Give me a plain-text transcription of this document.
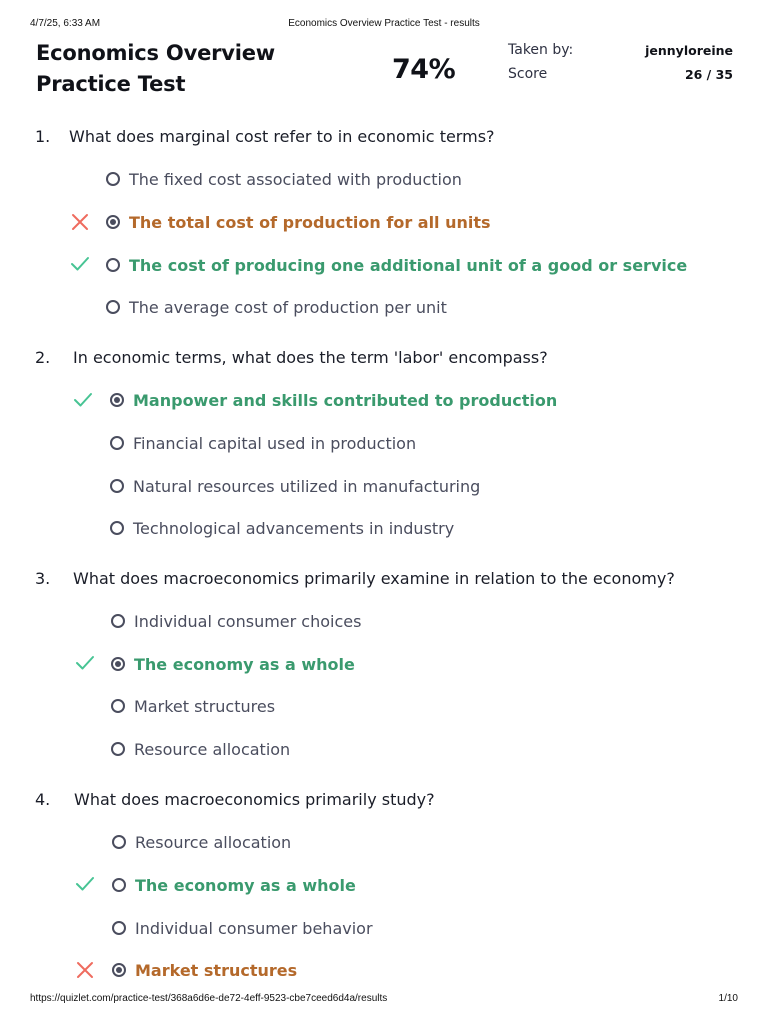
4/7/25, 6:33 AM	Economics Overview Practice Test - results
Economics Overview Practice Test	74%
Taken by:	jennyloreine
Score	26 / 35
1. What does marginal cost refer to in economic terms?
The fixed cost associated with production
The total cost of production for all units
The cost of producing one additional unit of a good or service
The average cost of production per unit
2. In economic terms, what does the term 'labor' encompass?
Manpower and skills contributed to production
Financial capital used in production
Natural resources utilized in manufacturing
Technological advancements in industry
3. What does macroeconomics primarily examine in relation to the economy?
Individual consumer choices
The economy as a whole
Market structures
Resource allocation
4. What does macroeconomics primarily study?
Resource allocation
The economy as a whole
Individual consumer behavior
Market structures
https://quizlet.com/practice-test/368a6d6e-de72-4eff-9523-cbe7ceed6d4a/results	1/10
